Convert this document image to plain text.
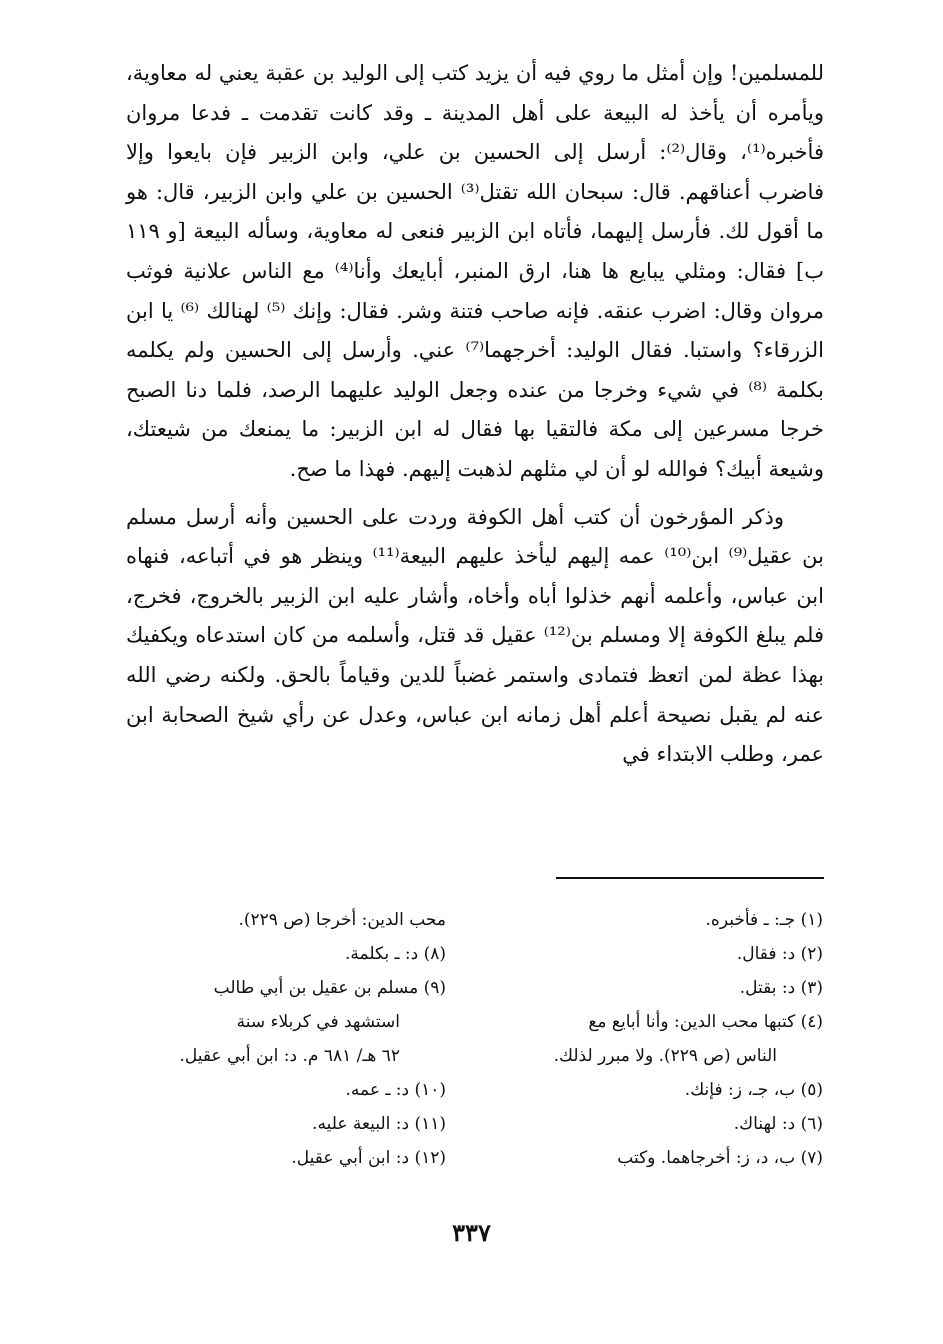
للمسلمين! وإن أمثل ما روي فيه أن يزيد كتب إلى الوليد بن عقبة يعني له معاوية، ويأمره أن يأخذ له البيعة على أهل المدينة ـ وقد كانت تقدمت ـ فدعا مروان فأخبره⁽¹⁾، وقال⁽²⁾: أرسل إلى الحسين بن علي، وابن الزبير فإن بايعوا وإلا فاضرب أعناقهم. قال: سبحان الله تقتل⁽³⁾ الحسين بن علي وابن الزبير، قال: هو ما أقول لك. فأرسل إليهما، فأتاه ابن الزبير فنعى له معاوية، وسأله البيعة [و ١١٩ ب] فقال: ومثلي يبايع ها هنا، ارق المنبر، أبايعك وأنا⁽⁴⁾ مع الناس علانية فوثب مروان وقال: اضرب عنقه. فإنه صاحب فتنة وشر. فقال: وإنك ⁽⁵⁾ لهنالك ⁽⁶⁾ يا ابن الزرقاء؟ واستبا. فقال الوليد: أخرجهما⁽⁷⁾ عني. وأرسل إلى الحسين ولم يكلمه بكلمة ⁽⁸⁾ في شيء وخرجا من عنده وجعل الوليد عليهما الرصد، فلما دنا الصبح خرجا مسرعين إلى مكة فالتقيا بها فقال له ابن الزبير: ما يمنعك من شيعتك، وشيعة أبيك؟ فوالله لو أن لي مثلهم لذهبت إليهم. فهذا ما صح.

وذكر المؤرخون أن كتب أهل الكوفة وردت على الحسين وأنه أرسل مسلم بن عقيل⁽⁹⁾ ابن⁽¹⁰⁾ عمه إليهم ليأخذ عليهم البيعة⁽¹¹⁾ وينظر هو في أتباعه، فنهاه ابن عباس، وأعلمه أنهم خذلوا أباه وأخاه، وأشار عليه ابن الزبير بالخروج، فخرج، فلم يبلغ الكوفة إلا ومسلم بن⁽¹²⁾ عقيل قد قتل، وأسلمه من كان استدعاه ويكفيك بهذا عظة لمن اتعظ فتمادى واستمر غضباً للدين وقياماً بالحق. ولكنه رضي الله عنه لم يقبل نصيحة أعلم أهل زمانه ابن عباس، وعدل عن رأي شيخ الصحابة ابن عمر، وطلب الابتداء في

(١) جـ: ـ فأخبره.
(٢) د: فقال.
(٣) د: بقتل.
(٤) كتبها محب الدين: وأنا أبايع مع
الناس (ص ٢٢٩). ولا مبرر لذلك.
(٥) ب، جـ، ز: فإنك.
(٦) د: لهناك.
(٧) ب، د، ز: أخرجاهما. وكتب
محب الدين: أخرجا (ص ٢٢٩).
(٨) د: ـ بكلمة.
(٩) مسلم بن عقيل بن أبي طالب
استشهد في كربلاء سنة
٦٢ هـ/ ٦٨١ م. د: ابن أبي عقيل.
(١٠) د: ـ عمه.
(١١) د: البيعة عليه.
(١٢) د: ابن أبي عقيل.
٣٣٧
